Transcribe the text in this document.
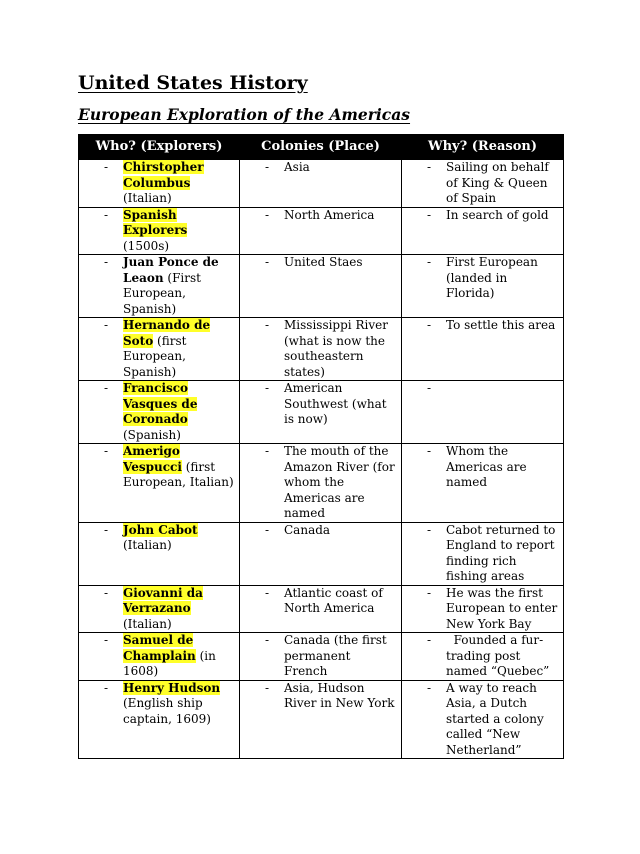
United States History
European Exploration of the Americas
Who? (Explorers)	Colonies (Place)	Why? (Reason)

- Chirstopher Columbus (Italian)	- Asia	- Sailing on behalf of King & Queen of Spain

- Spanish Explorers (1500s)	- North America	- In search of gold

- Juan Ponce de Leaon (First European, Spanish)	- United Staes	- First European (landed in Florida)

- Hernando de Soto (first European, Spanish)	- Mississippi River (what is now the southeastern states)	- To settle this area

- Francisco Vasques de Coronado (Spanish)	- American Southwest (what is now)	-

- Amerigo Vespucci (first European, Italian)	- The mouth of the Amazon River (for whom the Americas are named	- Whom the Americas are named

- John Cabot (Italian)	- Canada	- Cabot returned to England to report finding rich fishing areas

- Giovanni da Verrazano (Italian)	- Atlantic coast of North America	- He was the first European to enter New York Bay

- Samuel de Champlain (in 1608)	- Canada (the first permanent French	- Founded a fur-trading post named “Quebec”

- Henry Hudson (English ship captain, 1609)	- Asia, Hudson River in New York	- A way to reach Asia, a Dutch started a colony called “New Netherland”
